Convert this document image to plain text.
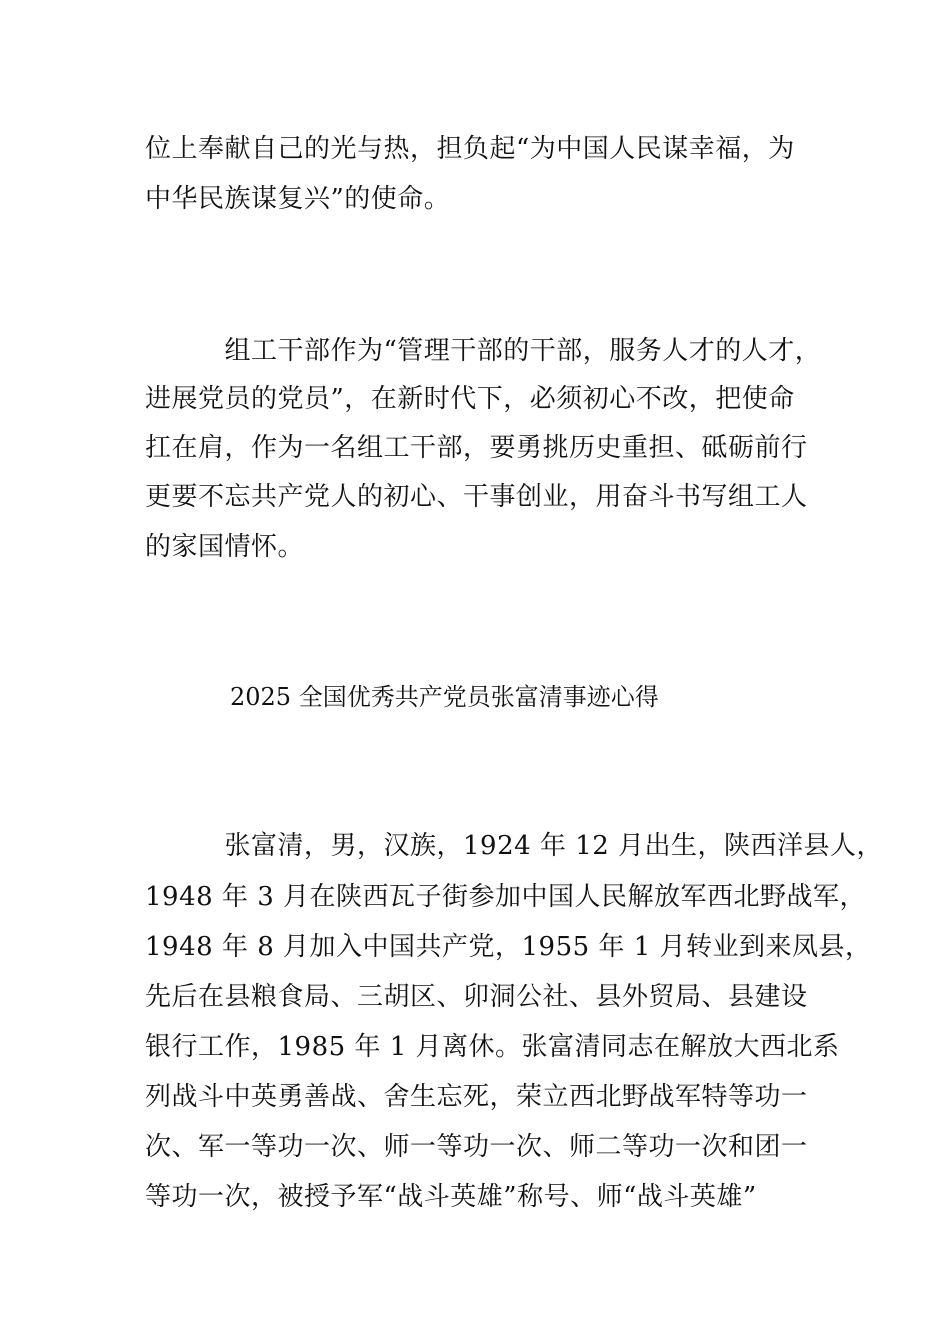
位上奉献自己的光与热，担负起“为中国人民谋幸福，为
中华民族谋复兴”的使命。
　　　组工干部作为“管理干部的干部，服务人才的人才，
进展党员的党员”，在新时代下，必须初心不改，把使命
扛在肩，作为一名组工干部，要勇挑历史重担、砥砺前行
更要不忘共产党人的初心、干事创业，用奋斗书写组工人
的家国情怀。
2025 全国优秀共产党员张富清事迹心得
　　　张富清，男，汉族，1924 年 12 月出生，陕西洋县人，
1948 年 3 月在陕西瓦子街参加中国人民解放军西北野战军，
1948 年 8 月加入中国共产党，1955 年 1 月转业到来凤县，
先后在县粮食局、三胡区、卯洞公社、县外贸局、县建设
银行工作，1985 年 1 月离休。张富清同志在解放大西北系
列战斗中英勇善战、舍生忘死，荣立西北野战军特等功一
次、军一等功一次、师一等功一次、师二等功一次和团一
等功一次，被授予军“战斗英雄”称号、师“战斗英雄”
